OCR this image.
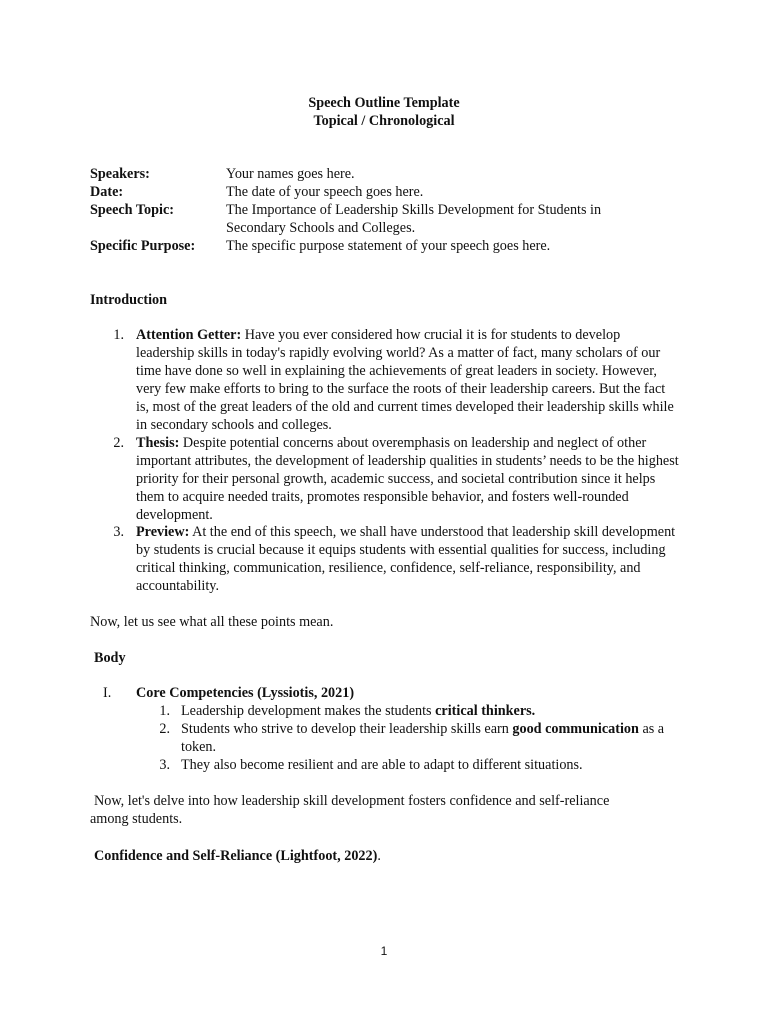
Speech Outline Template
Topical / Chronological
Speakers:	Your names goes here.
Date:	The date of your speech goes here.
Speech Topic:	The Importance of Leadership Skills Development for Students in Secondary Schools and Colleges.
Specific Purpose: The specific purpose statement of your speech goes here.
Introduction
1. Attention Getter: Have you ever considered how crucial it is for students to develop leadership skills in today's rapidly evolving world? As a matter of fact, many scholars of our time have done so well in explaining the achievements of great leaders in society. However, very few make efforts to bring to the surface the roots of their leadership careers. But the fact is, most of the great leaders of the old and current times developed their leadership skills while in secondary schools and colleges.
2. Thesis: Despite potential concerns about overemphasis on leadership and neglect of other important attributes, the development of leadership qualities in students’ needs to be the highest priority for their personal growth, academic success, and societal contribution since it helps them to acquire needed traits, promotes responsible behavior, and fosters well-rounded development.
3. Preview: At the end of this speech, we shall have understood that leadership skill development by students is crucial because it equips students with essential qualities for success, including critical thinking, communication, resilience, confidence, self-reliance, responsibility, and accountability.
Now, let us see what all these points mean.
Body
I. Core Competencies (Lyssiotis, 2021)
1. Leadership development makes the students critical thinkers.
2. Students who strive to develop their leadership skills earn good communication as a token.
3. They also become resilient and are able to adapt to different situations.
Now, let's delve into how leadership skill development fosters confidence and self-reliance among students.
Confidence and Self-Reliance (Lightfoot, 2022).
1
